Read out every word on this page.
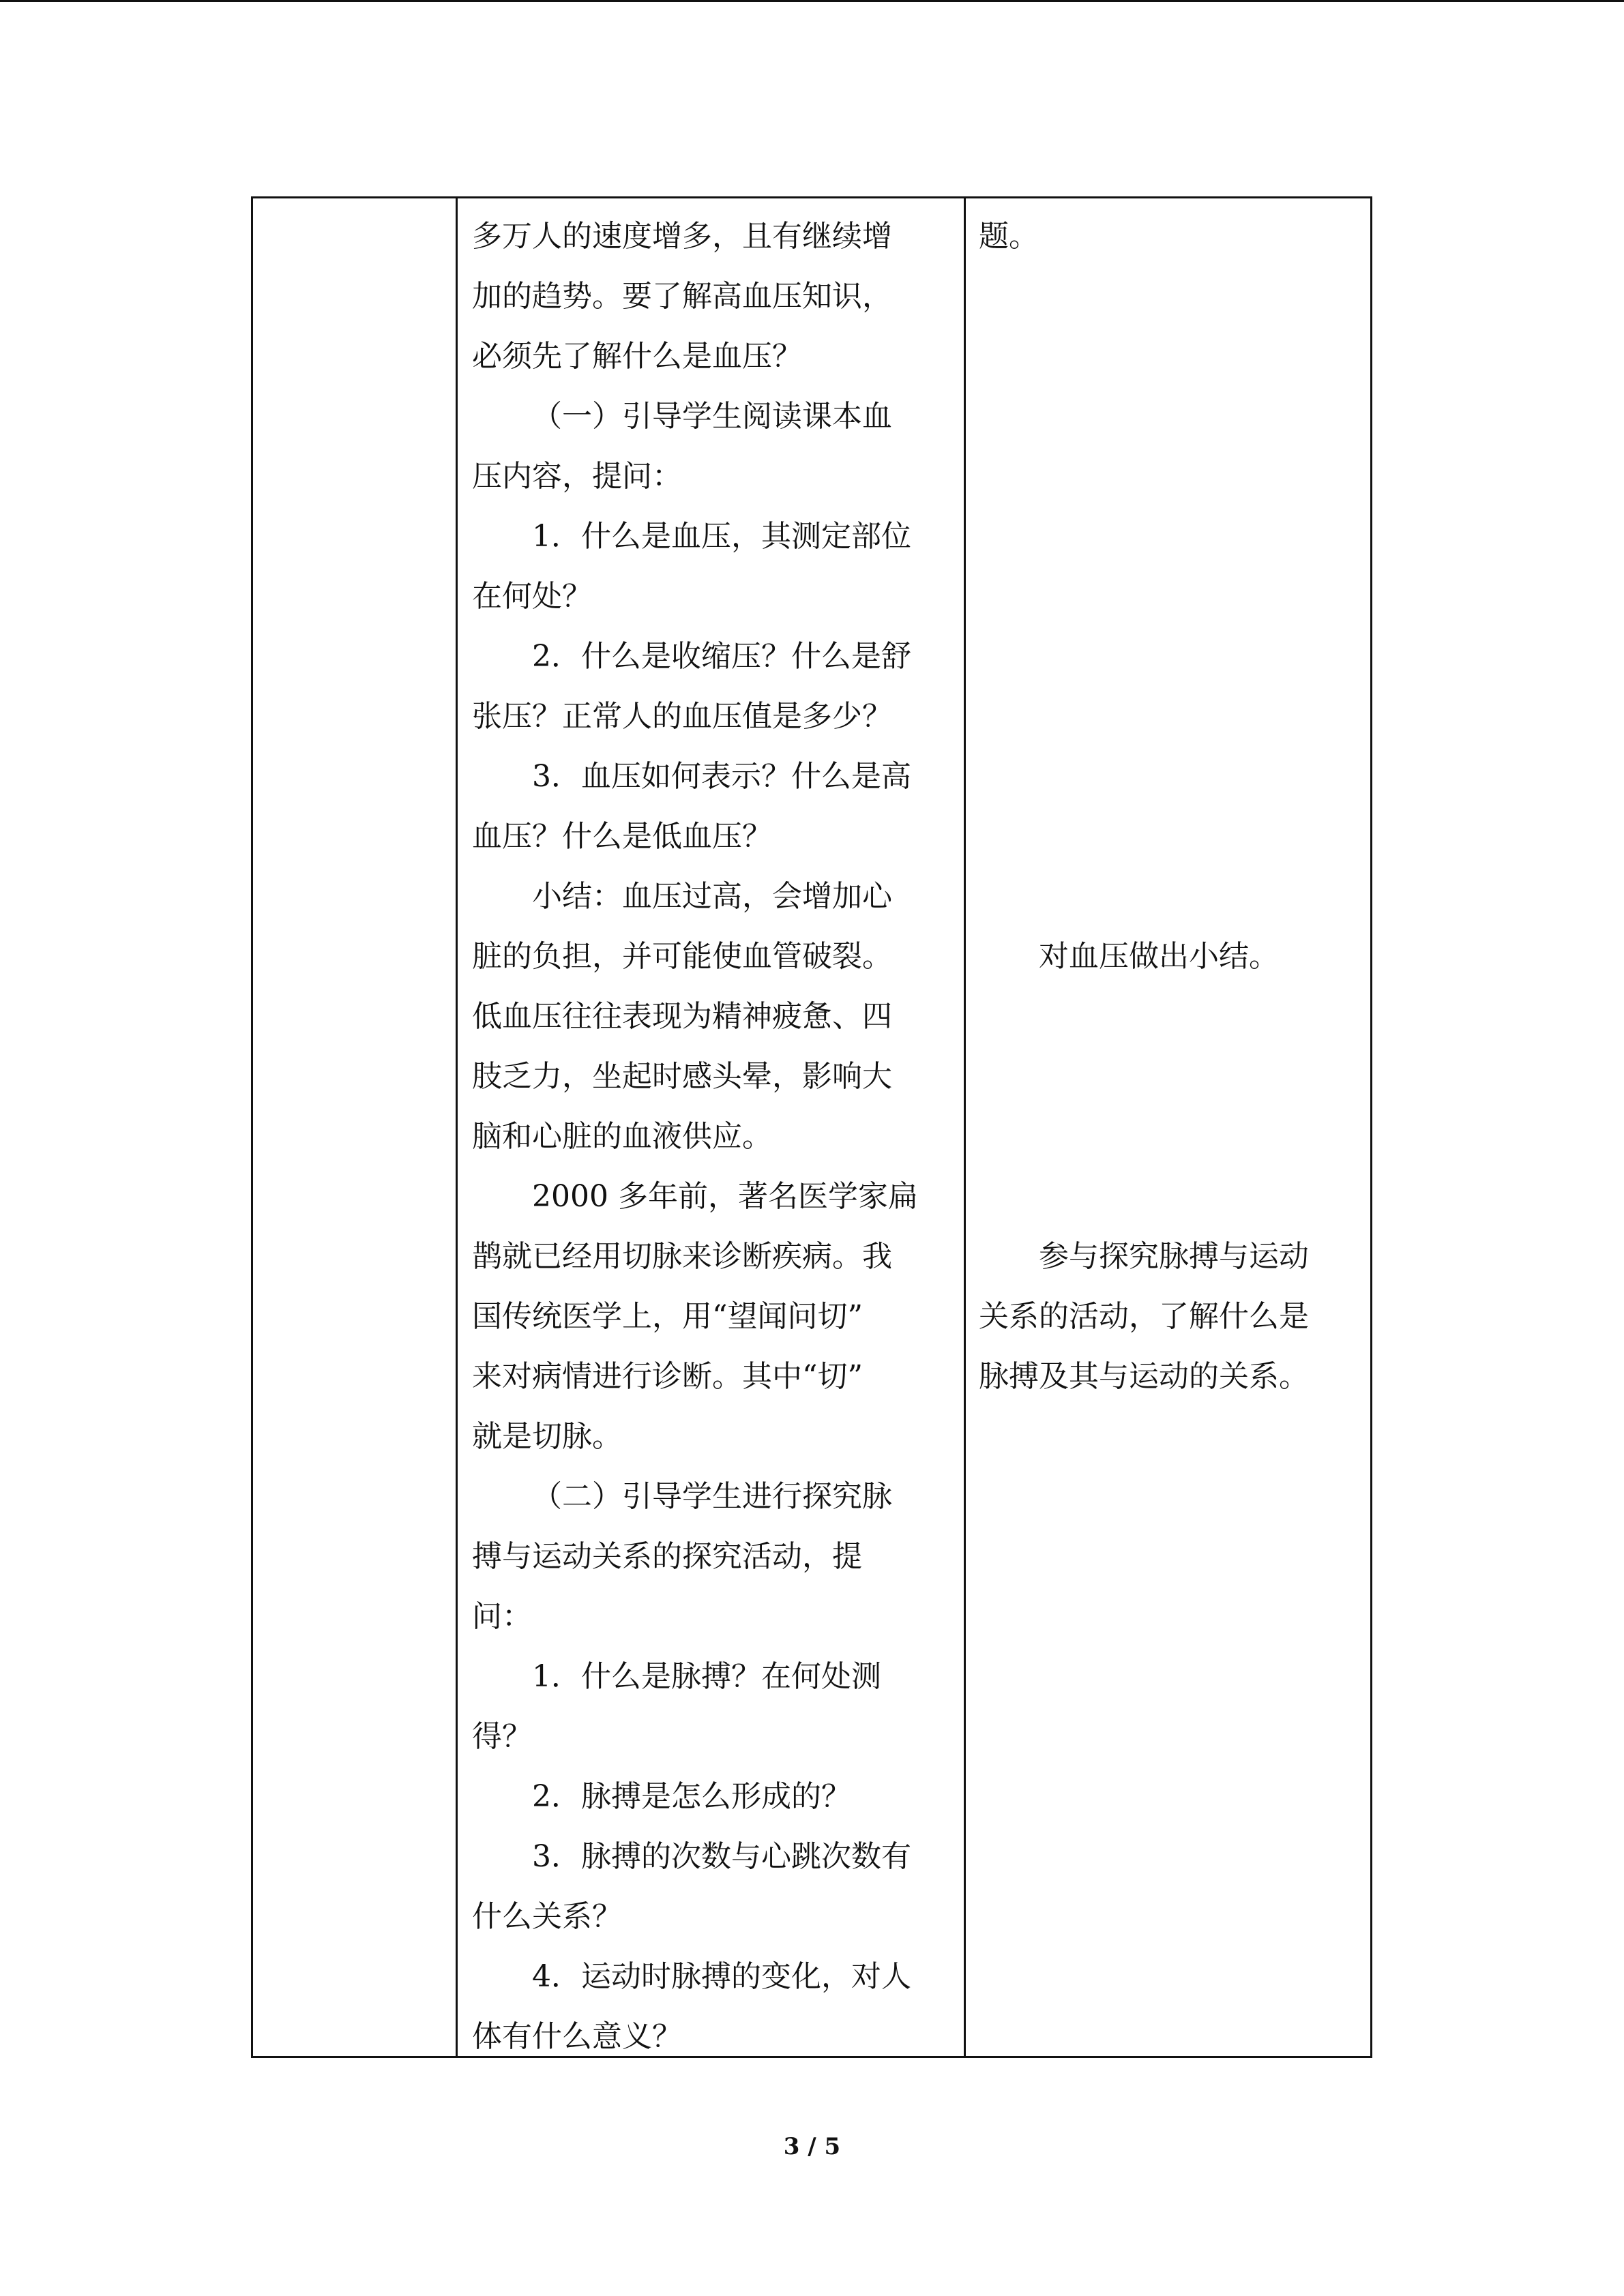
多万人的速度增多，且有继续增
加的趋势。要了解高血压知识，
必须先了解什么是血压？
（一）引导学生阅读课本血
压内容，提问：
1．什么是血压，其测定部位
在何处？
2．什么是收缩压？什么是舒
张压？正常人的血压值是多少？
3．血压如何表示？什么是高
血压？什么是低血压？
小结：血压过高，会增加心
脏的负担，并可能使血管破裂。
低血压往往表现为精神疲惫、四
肢乏力，坐起时感头晕，影响大
脑和心脏的血液供应。
2000 多年前，著名医学家扁
鹊就已经用切脉来诊断疾病。我
国传统医学上，用“望闻问切”
来对病情进行诊断。其中“切”
就是切脉。
（二）引导学生进行探究脉
搏与运动关系的探究活动，提
问：
1．什么是脉搏？在何处测
得？
2．脉搏是怎么形成的？
3．脉搏的次数与心跳次数有
什么关系？
4．运动时脉搏的变化，对人
体有什么意义？
题。
对血压做出小结。
参与探究脉搏与运动
关系的活动，了解什么是
脉搏及其与运动的关系。
3 / 5
